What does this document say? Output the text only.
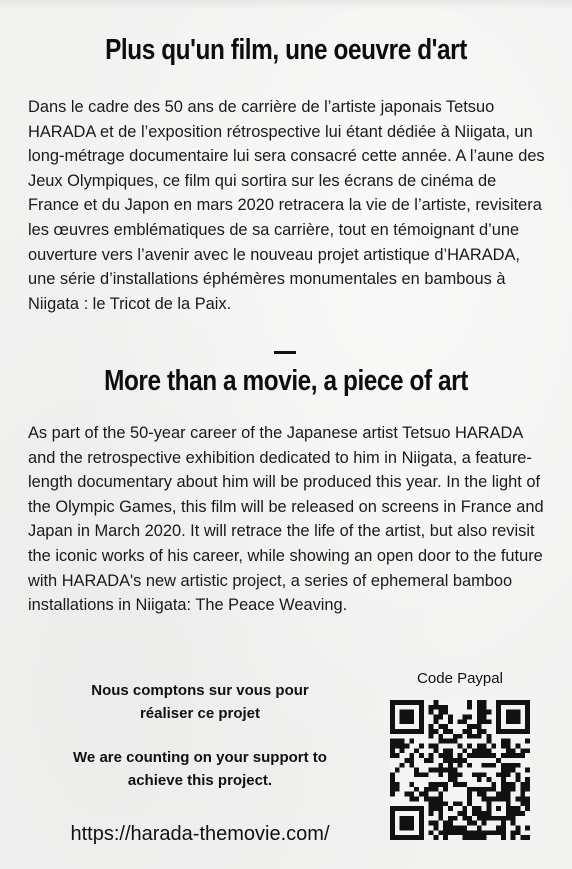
Plus qu'un film, une oeuvre d'art

Dans le cadre des 50 ans de carrière de l’artiste japonais Tetsuo HARADA et de l’exposition rétrospective lui étant dédiée à Niigata, un long-métrage documentaire lui sera consacré cette année. A l’aune des Jeux Olympiques, ce film qui sortira sur les écrans de cinéma de France et du Japon en mars 2020 retracera la vie de l’artiste, revisitera les œuvres emblématiques de sa carrière, tout en témoignant d’une ouverture vers l’avenir avec le nouveau projet artistique d’HARADA, une série d’installations éphémères monumentales en bambous à Niigata : le Tricot de la Paix.

More than a movie, a piece of art

As part of the 50-year career of the Japanese artist Tetsuo HARADA and the retrospective exhibition dedicated to him in Niigata, a feature-length documentary about him will be produced this year. In the light of the Olympic Games, this film will be released on screens in France and Japan in March 2020. It will retrace the life of the artist, but also revisit the iconic works of his career, while showing an open door to the future with HARADA's new artistic project, a series of ephemeral bamboo installations in Niigata: The Peace Weaving.

Nous comptons sur vous pour
réaliser ce projet
We are counting on your support to
achieve this project.
https://harada-themovie.com/
Code Paypal
